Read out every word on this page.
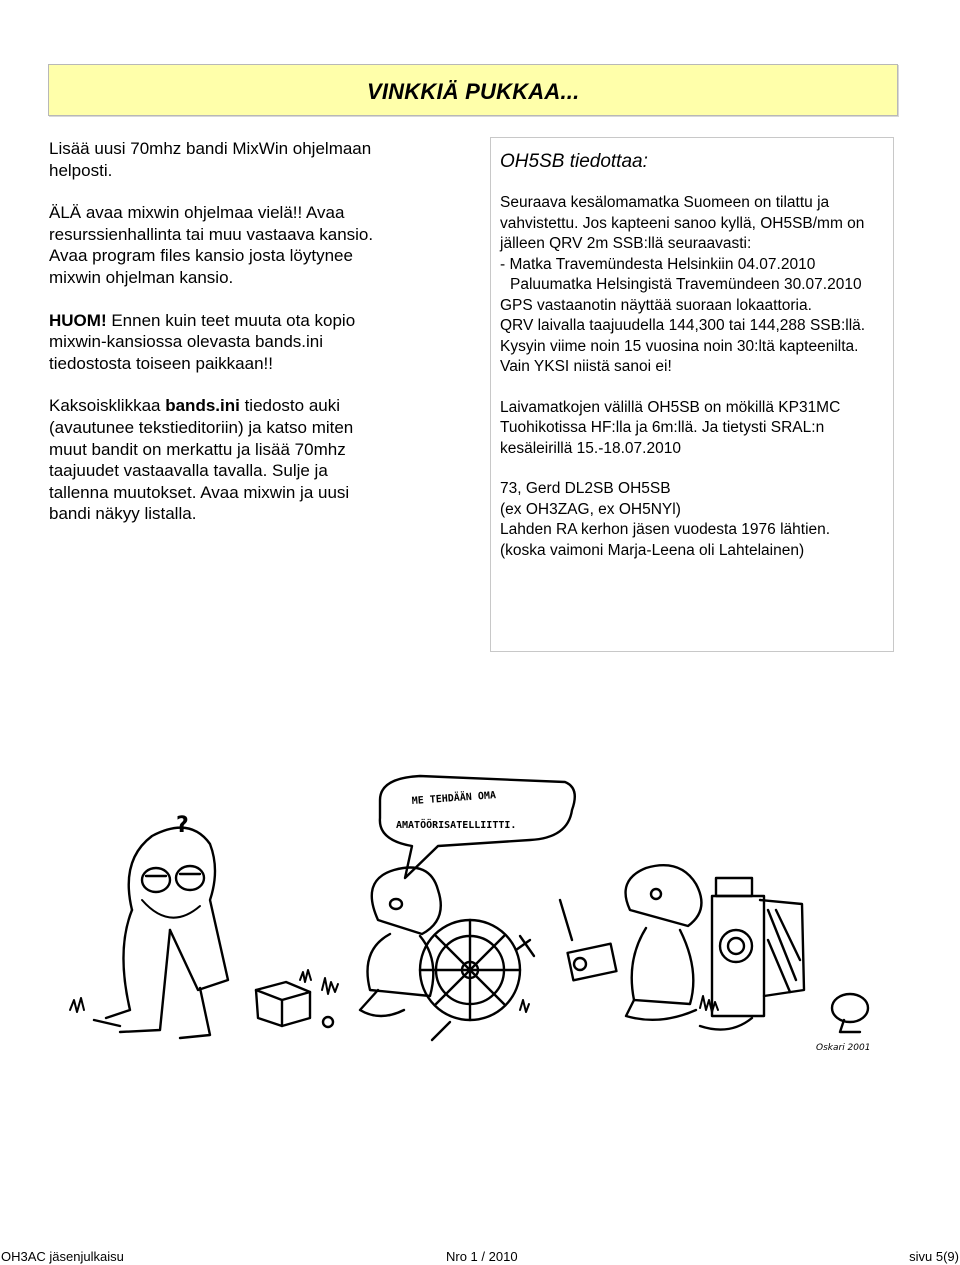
VINKKIÄ PUKKAA...

Lisää uusi 70mhz bandi MixWin ohjelmaan helposti.

ÄLÄ avaa mixwin ohjelmaa vielä!! Avaa resurssienhallinta tai muu vastaava kansio. Avaa program files kansio josta löytynee mixwin ohjelman kansio.

HUOM! Ennen kuin teet muuta ota kopio mixwin-kansiossa olevasta bands.ini tiedostosta toiseen paikkaan!!

Kaksoisklikkaa bands.ini tiedosto auki (avautunee tekstieditoriin) ja katso miten muut bandit on merkattu ja lisää 70mhz taajuudet vastaavalla tavalla. Sulje ja tallenna muutokset. Avaa mixwin ja uusi bandi näkyy listalla.

OH5SB tiedottaa:

Seuraava kesälomamatka Suomeen on tilattu ja vahvistettu. Jos kapteeni sanoo kyllä, OH5SB/mm on jälleen QRV 2m SSB:llä seuraavasti:

- Matka Travemündesta Helsinkiin 04.07.2010

Paluumatka Helsingistä Travemündeen 30.07.2010

GPS vastaanotin näyttää suoraan lokaattoria.

QRV laivalla taajuudella 144,300 tai 144,288 SSB:llä.

Kysyin viime noin 15 vuosina noin 30:ltä kapteenilta. Vain YKSI niistä sanoi ei!

Laivamatkojen välillä OH5SB on mökillä KP31MC Tuohikotissa HF:lla ja 6m:llä. Ja tietysti SRAL:n kesäleirillä 15.-18.07.2010

73, Gerd DL2SB OH5SB

(ex OH3ZAG, ex OH5NYl)

Lahden RA kerhon jäsen vuodesta 1976 lähtien.

(koska vaimoni Marja-Leena oli Lahtelainen)

ME TEHDÄÄN OMA
AMATÖÖRISATELLIITTI.
?
Oskari 2001
OH3AC jäsenjulkaisu	Nro 1 / 2010	sivu 5(9)
